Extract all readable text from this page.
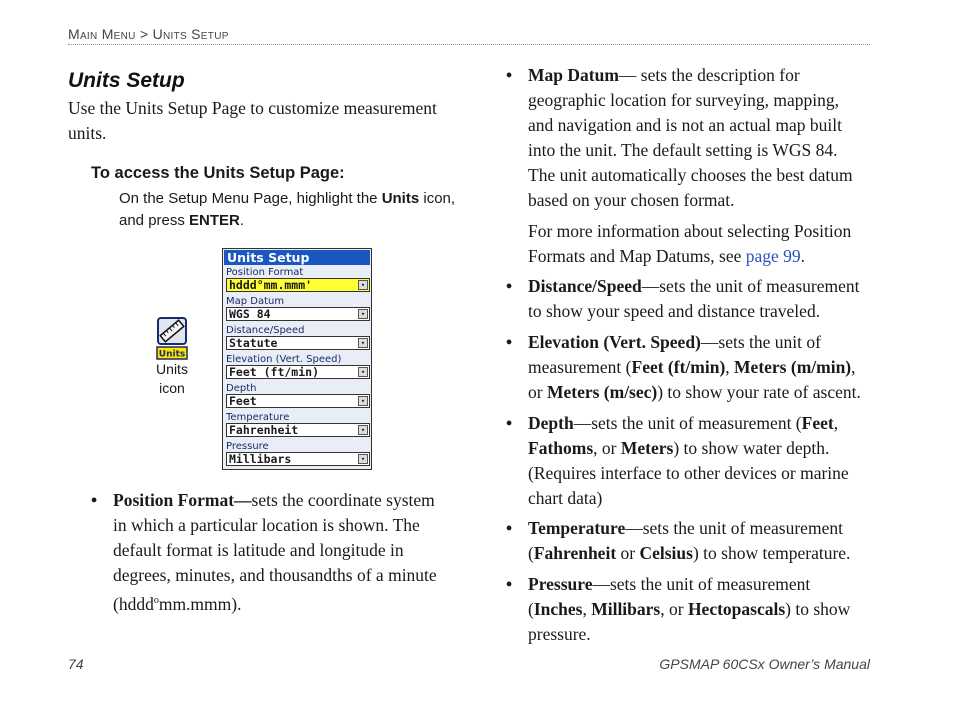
Main Menu > Units Setup
Units Setup
Use the Units Setup Page to customize measurement units.
To access the Units Setup Page:
On the Setup Menu Page, highlight the Units icon, and press ENTER.
Units
Units
icon
Units Setup
Position Format
hddd°mm.mmm'	▾
Map Datum
WGS 84	▾
Distance/Speed
Statute	▾
Elevation (Vert. Speed)
Feet (ft/min)	▾
Depth
Feet	▾
Temperature
Fahrenheit	▾
Pressure
Millibars	▾
• Position Format—sets the coordinate system in which a particular location is shown. The default format is latitude and longitude in degrees, minutes, and thousandths of a minute (hddd$^o$mm.mmm).
• Map Datum— sets the description for geographic location for surveying, mapping, and navigation and is not an actual map built into the unit. The default setting is WGS 84. The unit automatically chooses the best datum based on your chosen format.
For more information about selecting Position Formats and Map Datums, see page 99.
• Distance/Speed—sets the unit of measurement to show your speed and distance traveled.
• Elevation (Vert. Speed)—sets the unit of measurement (Feet (ft/min), Meters (m/min), or Meters (m/sec)) to show your rate of ascent.
• Depth—sets the unit of measurement (Feet, Fathoms, or Meters) to show water depth. (Requires interface to other devices or marine chart data)
• Temperature—sets the unit of measurement (Fahrenheit or Celsius) to show temperature.
• Pressure—sets the unit of measurement (Inches, Millibars, or Hectopascals) to show pressure.
74	GPSMAP 60CSx Owner’s Manual
